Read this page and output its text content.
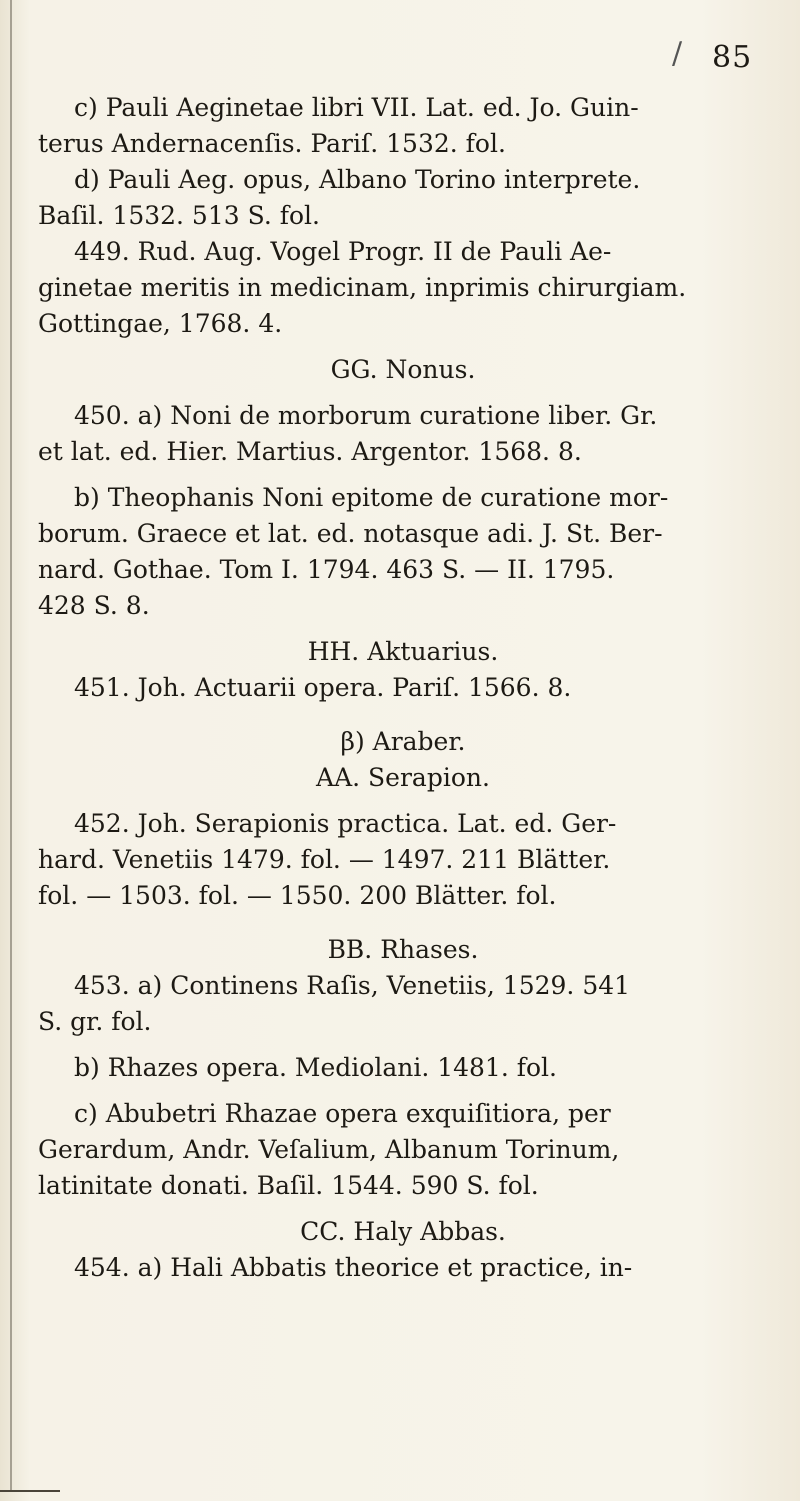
/ 85

c) Pauli Aeginetae libri VII. Lat. ed. Jo. Guin-

terus Andernacenſis. Pariſ. 1532. fol.

d) Pauli Aeg. opus, Albano Torino interprete.

Baſil. 1532. 513 S. fol.

449. Rud. Aug. Vogel Progr. II de Pauli Ae-

ginetae meritis in medicinam, inprimis chirurgiam.

Gottingae, 1768. 4.

GG. Nonus.

450. a) Noni de morborum curatione liber. Gr.

et lat. ed. Hier. Martius. Argentor. 1568. 8.

b) Theophanis Noni epitome de curatione mor-

borum. Graece et lat. ed. notasque adi. J. St. Ber-

nard. Gothae. Tom I. 1794. 463 S. — II. 1795.

428 S. 8.

HH. Aktuarius.

451. Joh. Actuarii opera. Pariſ. 1566. 8.

β) Araber.

AA. Serapion.

452. Joh. Serapionis practica. Lat. ed. Ger-

hard. Venetiis 1479. fol. — 1497. 211 Blätter.

fol. — 1503. fol. — 1550. 200 Blätter. fol.

BB. Rhases.

453. a) Continens Raſis, Venetiis, 1529. 541

S. gr. fol.

b) Rhazes opera. Mediolani. 1481. fol.

c) Abubetri Rhazae opera exquiſitiora, per

Gerardum, Andr. Veſalium, Albanum Torinum,

latinitate donati. Baſil. 1544. 590 S. fol.

CC. Haly Abbas.

454. a) Hali Abbatis theorice et practice, in-
